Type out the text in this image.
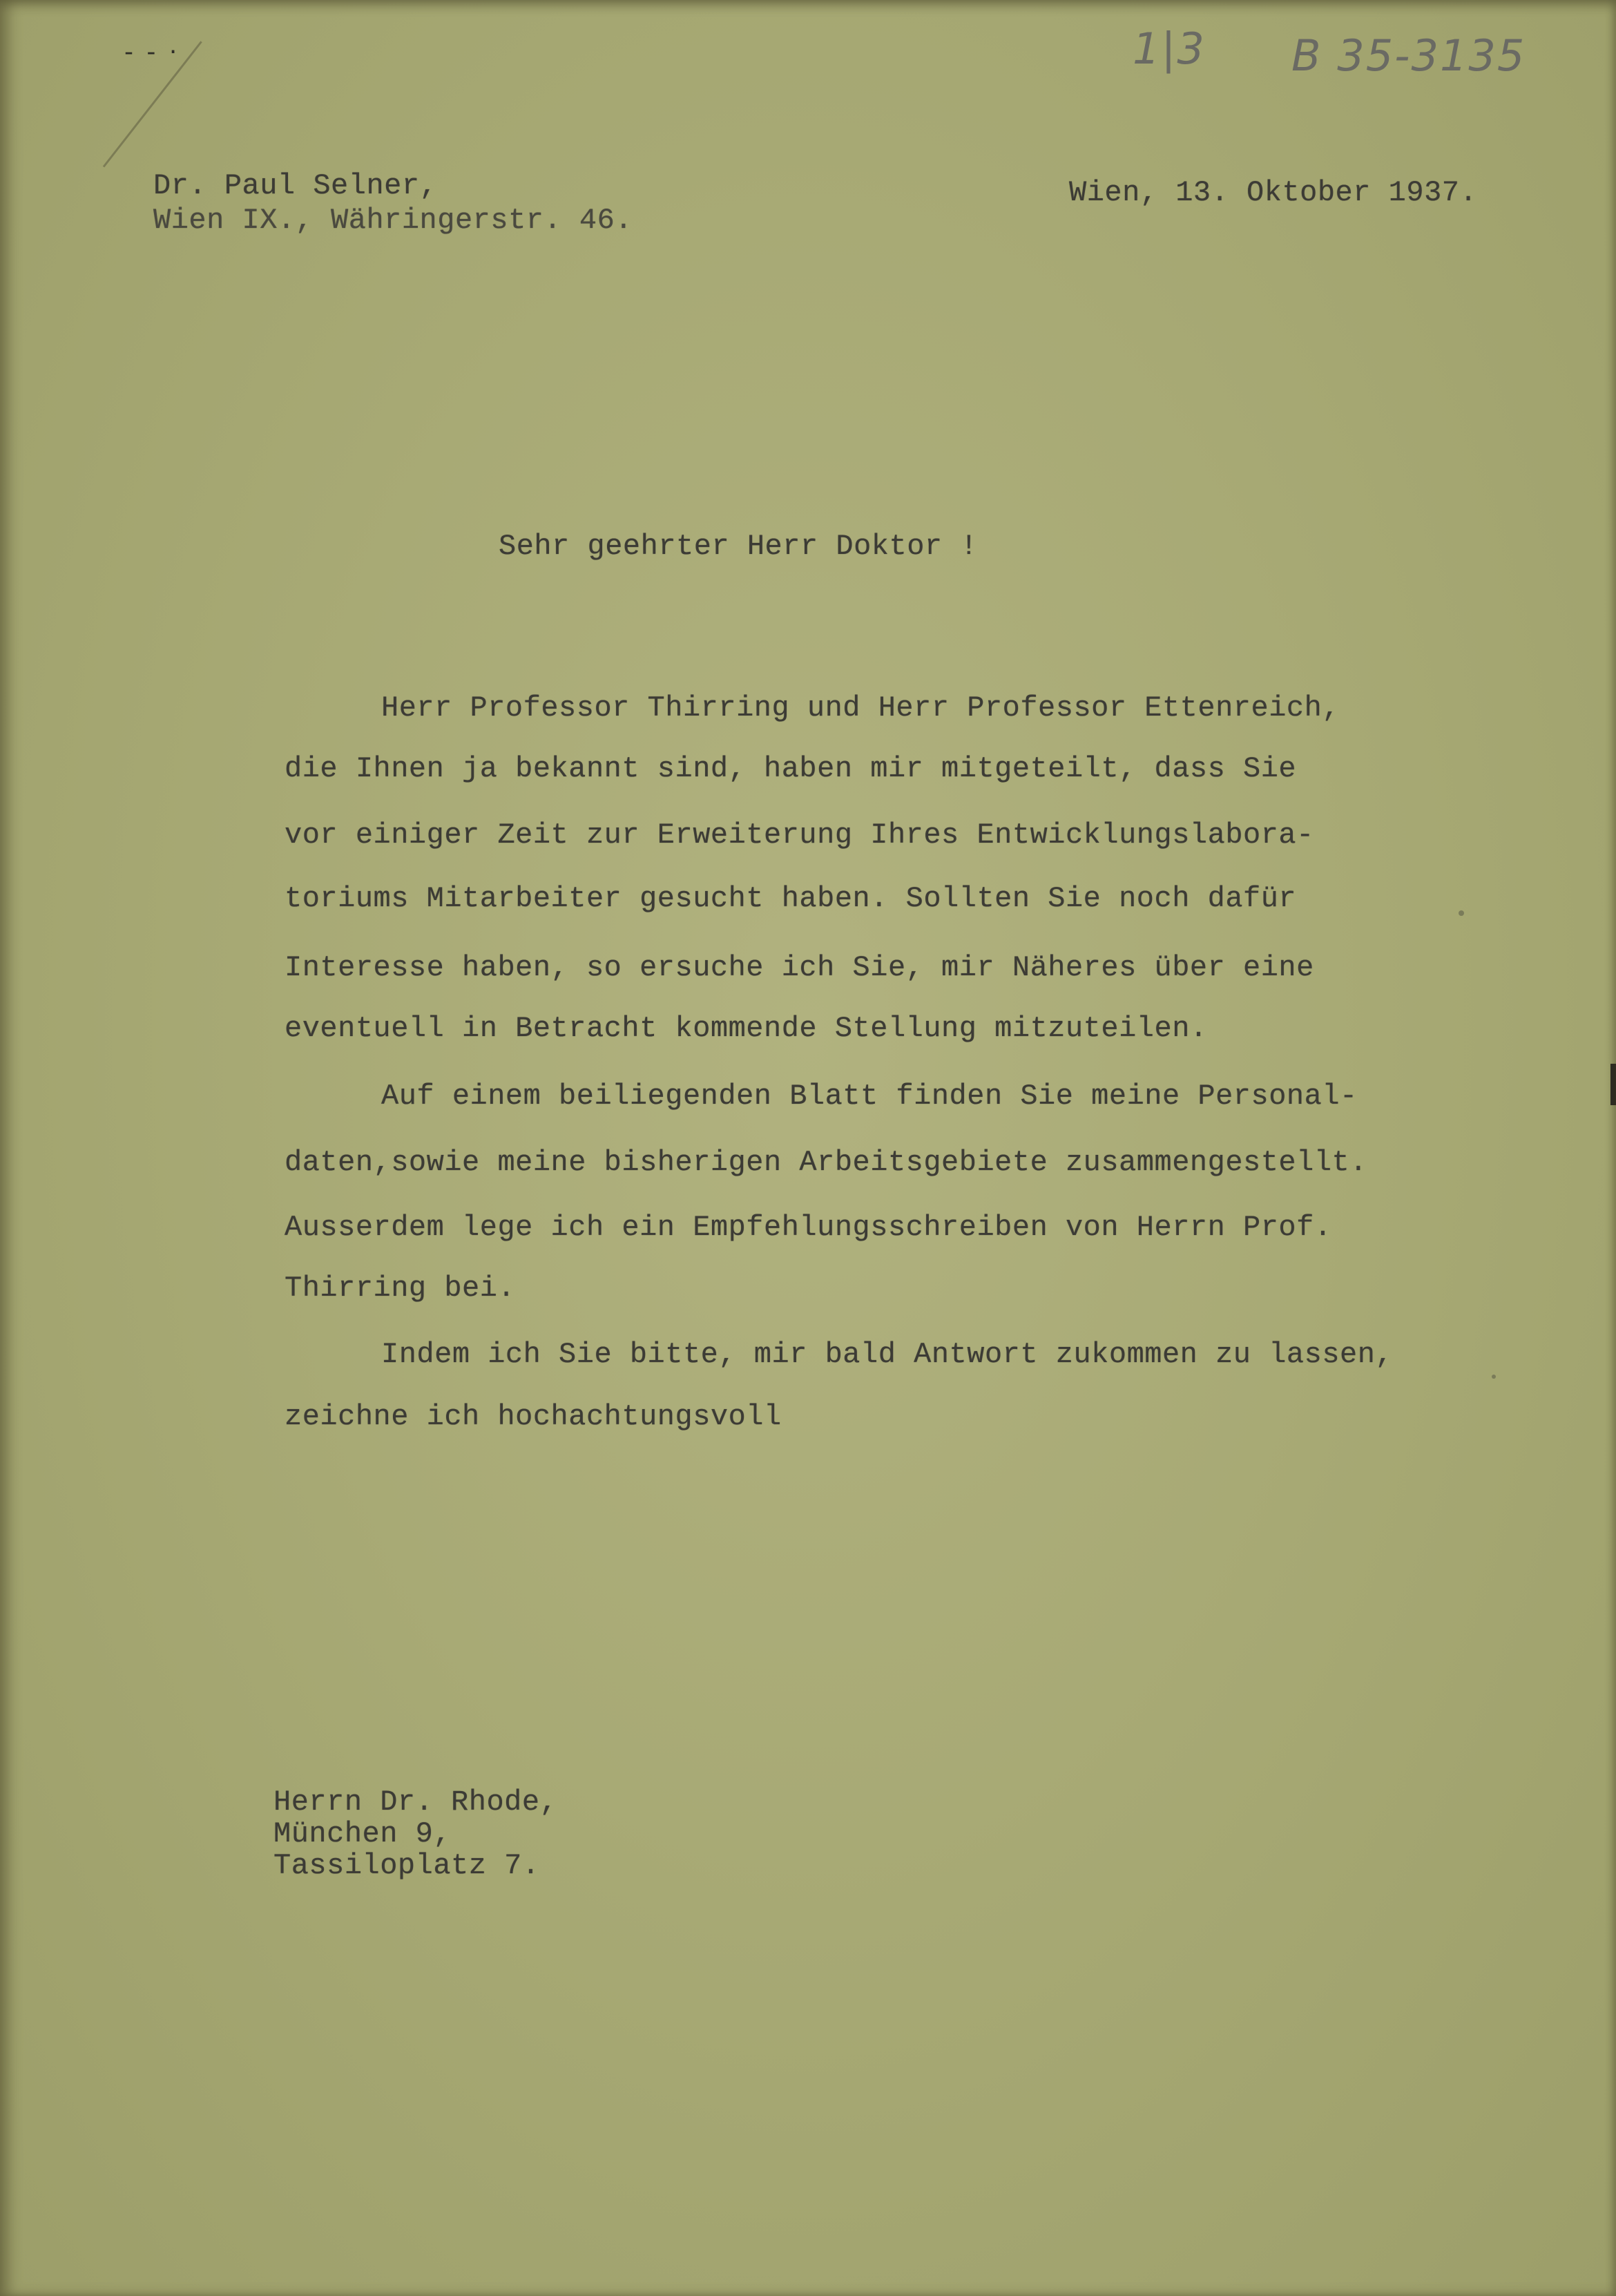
- - ·	1|3 B 35-3135
Dr. Paul Selner,
Wien IX., Währingerstr. 46.
Wien, 13. Oktober 1937.
Sehr geehrter Herr Doktor !
Herr Professor Thirring und Herr Professor Ettenreich,
die Ihnen ja bekannt sind, haben mir mitgeteilt, dass Sie
vor einiger Zeit zur Erweiterung Ihres Entwicklungslabora-
toriums Mitarbeiter gesucht haben. Sollten Sie noch dafür
Interesse haben, so ersuche ich Sie, mir Näheres über eine
eventuell in Betracht kommende Stellung mitzuteilen.
Auf einem beiliegenden Blatt finden Sie meine Personal-
daten,sowie meine bisherigen Arbeitsgebiete zusammengestellt.
Ausserdem lege ich ein Empfehlungsschreiben von Herrn Prof.
Thirring bei.
Indem ich Sie bitte, mir bald Antwort zukommen zu lassen,
zeichne ich hochachtungsvoll
Herrn Dr. Rhode,
München 9,
Tassiloplatz 7.
